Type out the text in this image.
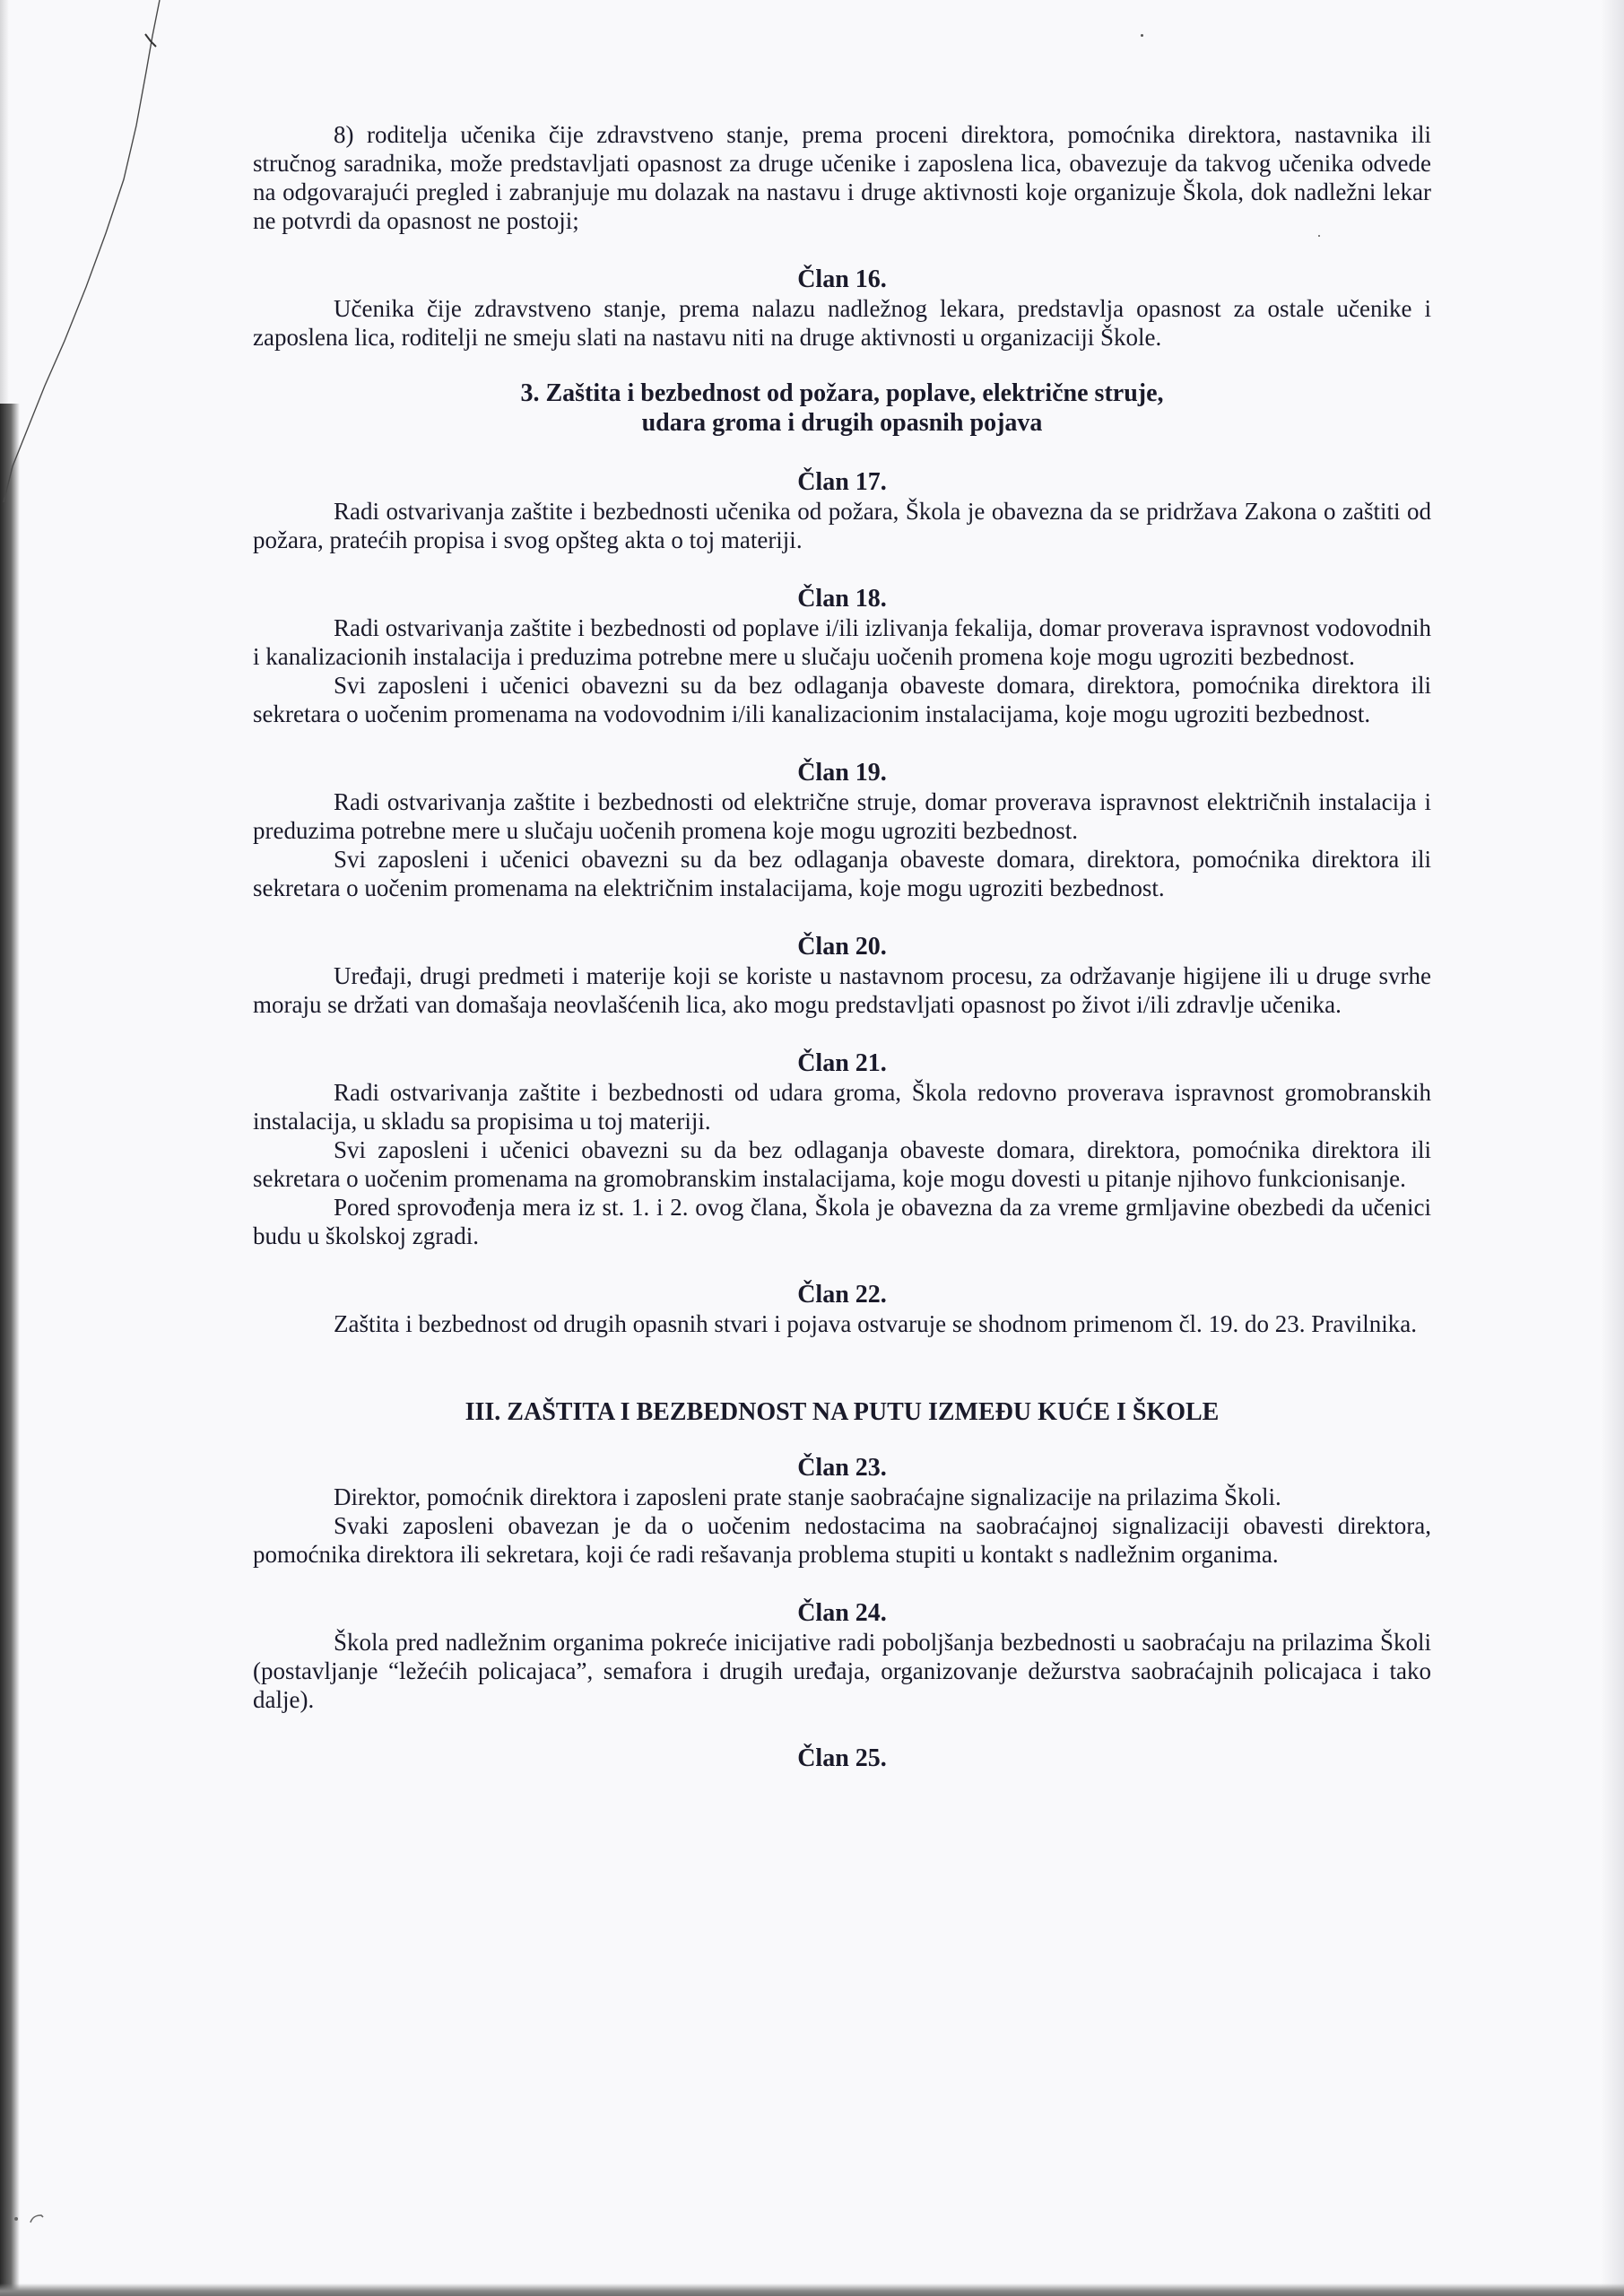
8) roditelja učenika čije zdravstveno stanje, prema proceni direktora, pomoćnika direktora, nastavnika ili stručnog saradnika, može predstavljati opasnost za druge učenike i zaposlena lica, obavezuje da takvog učenika odvede na odgovarajući pregled i zabranjuje mu dolazak na nastavu i druge aktivnosti koje organizuje Škola, dok nadležni lekar ne potvrdi da opasnost ne postoji;

Član 16.

Učenika čije zdravstveno stanje, prema nalazu nadležnog lekara, predstavlja opasnost za ostale učenike i zaposlena lica, roditelji ne smeju slati na nastavu niti na druge aktivnosti u organizaciji Škole.

3. Zaštita i bezbednost od požara, poplave, električne struje,

udara groma i drugih opasnih pojava

Član 17.

Radi ostvarivanja zaštite i bezbednosti učenika od požara, Škola je obavezna da se pridržava Zakona o zaštiti od požara, pratećih propisa i svog opšteg akta o toj materiji.

Član 18.

Radi ostvarivanja zaštite i bezbednosti od poplave i/ili izlivanja fekalija, domar proverava ispravnost vodovodnih i kanalizacionih instalacija i preduzima potrebne mere u slučaju uočenih promena koje mogu ugroziti bezbednost.

Svi zaposleni i učenici obavezni su da bez odlaganja obaveste domara, direktora, pomoćnika direktora ili sekretara o uočenim promenama na vodovodnim i/ili kanalizacionim instalacijama, koje mogu ugroziti bezbednost.

Član 19.

Radi ostvarivanja zaštite i bezbednosti od električne struje, domar proverava ispravnost električnih instalacija i preduzima potrebne mere u slučaju uočenih promena koje mogu ugroziti bezbednost.

Svi zaposleni i učenici obavezni su da bez odlaganja obaveste domara, direktora, pomoćnika direktora ili sekretara o uočenim promenama na električnim instalacijama, koje mogu ugroziti bezbednost.

Član 20.

Uređaji, drugi predmeti i materije koji se koriste u nastavnom procesu, za održavanje higijene ili u druge svrhe moraju se držati van domašaja neovlašćenih lica, ako mogu predstavljati opasnost po život i/ili zdravlje učenika.

Član 21.

Radi ostvarivanja zaštite i bezbednosti od udara groma, Škola redovno proverava ispravnost gromobranskih instalacija, u skladu sa propisima u toj materiji.

Svi zaposleni i učenici obavezni su da bez odlaganja obaveste domara, direktora, pomoćnika direktora ili sekretara o uočenim promenama na gromobranskim instalacijama, koje mogu dovesti u pitanje njihovo funkcionisanje.

Pored sprovođenja mera iz st. 1. i 2. ovog člana, Škola je obavezna da za vreme grmljavine obezbedi da učenici budu u školskoj zgradi.

Član 22.

Zaštita i bezbednost od drugih opasnih stvari i pojava ostvaruje se shodnom primenom čl. 19. do 23. Pravilnika.

III. ZAŠTITA I BEZBEDNOST NA PUTU IZMEĐU KUĆE I ŠKOLE

Član 23.

Direktor, pomoćnik direktora i zaposleni prate stanje saobraćajne signalizacije na prilazima Školi.

Svaki zaposleni obavezan je da o uočenim nedostacima na saobraćajnoj signalizaciji obavesti direktora, pomoćnika direktora ili sekretara, koji će radi rešavanja problema stupiti u kontakt s nadležnim organima.

Član 24.

Škola pred nadležnim organima pokreće inicijative radi poboljšanja bezbednosti u saobraćaju na prilazima Školi (postavljanje “ležećih policajaca”, semafora i drugih uređaja, organizovanje dežurstva saobraćajnih policajaca i tako dalje).

Član 25.
